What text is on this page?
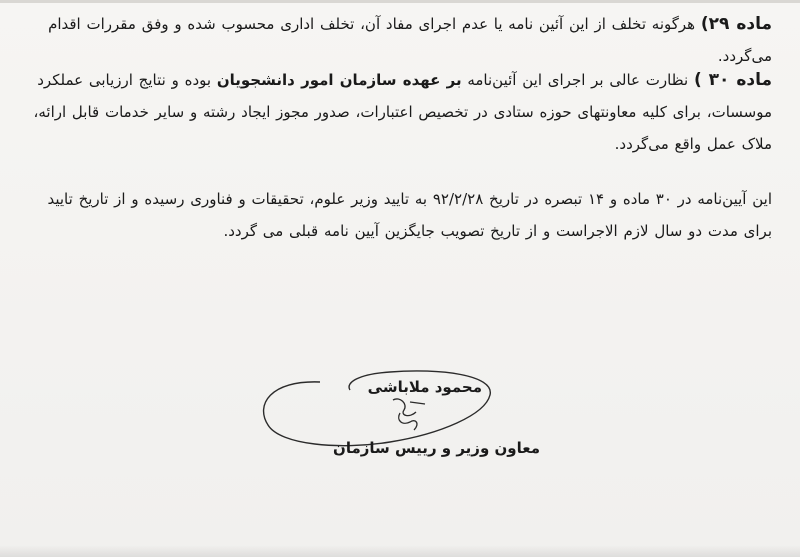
ماده ۲۹) هرگونه تخلف از این آئین نامه یا عدم اجرای مفاد آن، تخلف اداری محسوب شده و وفق مقررات اقدام می‌گردد.

ماده ۳۰ ) نظارت عالی بر اجرای این آئین‌نامه بر عهده سازمان امور دانشجویان بوده و نتایج ارزیابی عملکرد موسسات، برای کلیه معاونتهای حوزه ستادی در تخصیص اعتبارات، صدور مجوز ایجاد رشته و سایر خدمات قابل ارائه، ملاک عمل واقع می‌گردد.

این آیین‌نامه در ۳۰ ماده و ۱۴ تبصره در تاریخ ۹۲/۲/۲۸ به تایید وزیر علوم، تحقیقات و فناوری رسیده و از تاریخ تایید برای مدت دو سال لازم الاجراست و از تاریخ تصویب جایگزین آیین نامه قبلی می گردد.

محمود ملاباشی
معاون وزیر و رییس سازمان
